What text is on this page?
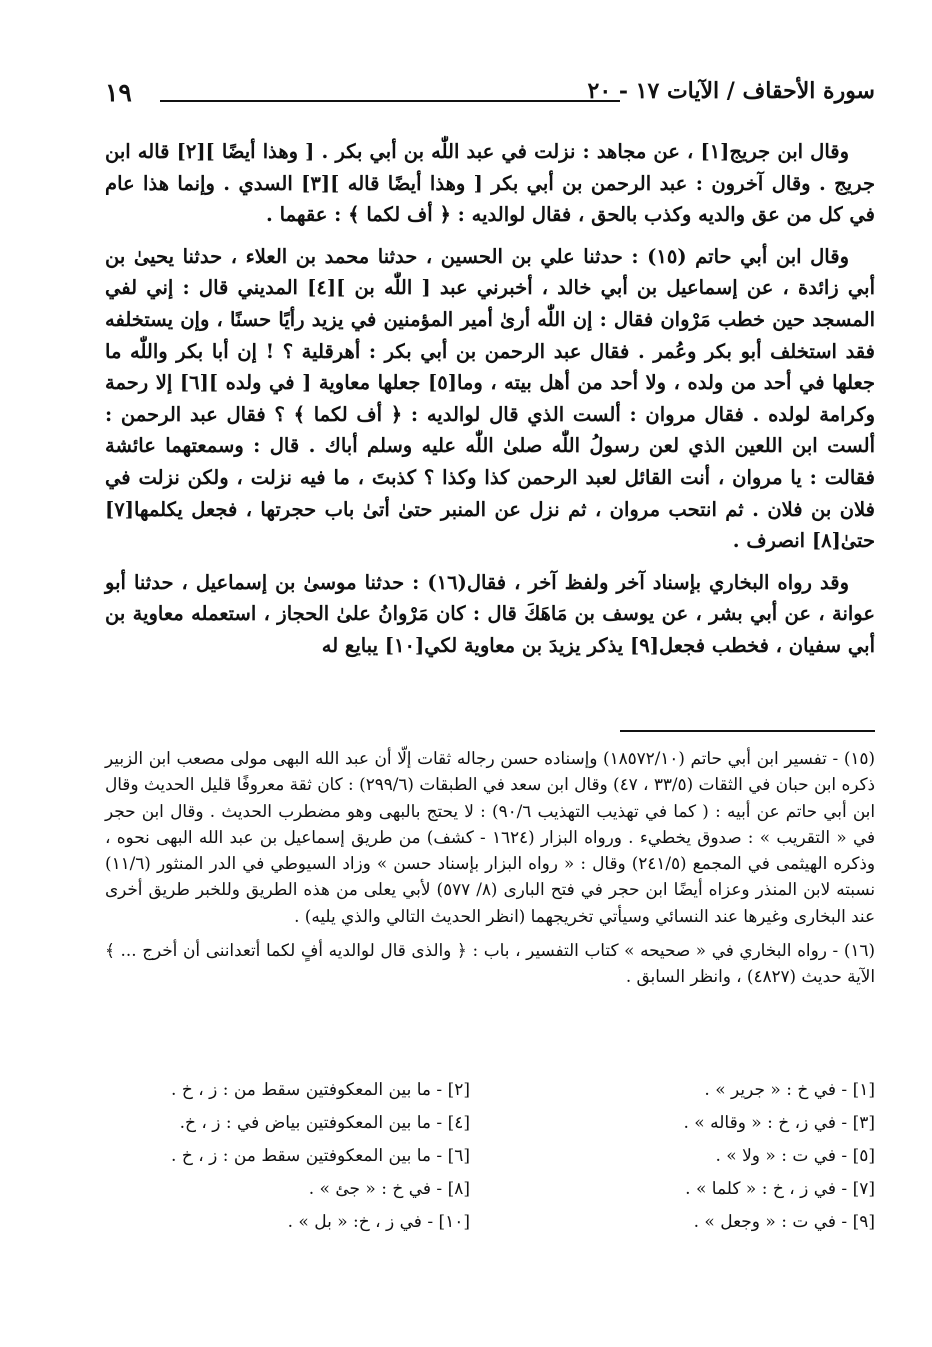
١٩	سورة الأحقاف / الآيات ١٧ - ٢٠

وقال ابن جريج[١] ، عن مجاهد : نزلت في عبد اللّٰه بن أبي بكر . [ وهذا أيضًا ][٢] قاله ابن جريج . وقال آخرون : عبد الرحمن بن أبي بكر [ وهذا أيضًا قاله ][٣] السدي . وإنما هذا عام في كل من عق والديه وكذب بالحق ، فقال لوالديه : ﴿ أف لكما ﴾ : عقهما .

وقال ابن أبي حاتم (١٥) : حدثنا علي بن الحسين ، حدثنا محمد بن العلاء ، حدثنا يحيىٰ بن أبي زائدة ، عن إسماعيل بن أبي خالد ، أخبرني عبد [ اللّٰه بن ][٤] المديني قال : إني لفي المسجد حين خطب مَرْوان فقال : إن اللّٰه أرىٰ أمير المؤمنين في يزيد رأيًا حسنًا ، وإن يستخلفه فقد استخلف أبو بكر وعُمر . فقال عبد الرحمن بن أبي بكر : أهرقلية ؟ ! إن أبا بكر واللّٰه ما جعلها في أحد من ولده ، ولا أحد من أهل بيته ، وما[٥] جعلها معاوية [ في ولده ][٦] إلا رحمة وكرامة لولده . فقال مروان : ألست الذي قال لوالديه : ﴿ أف لكما ﴾ ؟ فقال عبد الرحمن : ألست ابن اللعين الذي لعن رسولُ اللّٰه صلىٰ اللّٰه عليه وسلم أباك . قال : وسمعتهما عائشة فقالت : يا مروان ، أنت القائل لعبد الرحمن كذا وكذا ؟ كذبتَ ، ما فيه نزلت ، ولكن نزلت في فلان بن فلان . ثم انتحب مروان ، ثم نزل عن المنبر حتىٰ أتىٰ باب حجرتها ، فجعل يكلمها[٧] حتىٰ[٨] انصرف .

وقد رواه البخاري بإسناد آخر ولفظ آخر ، فقال(١٦) : حدثنا موسىٰ بن إسماعيل ، حدثنا أبو عوانة ، عن أبي بشر ، عن يوسف بن مَاهَكَ قال : كان مَرْوانُ علىٰ الحجاز ، استعمله معاوية بن أبي سفيان ، فخطب فجعل[٩] يذكر يزيدَ بن معاوية لكي[١٠] يبايع له

(١٥) - تفسير ابن أبي حاتم (١٨٥٧٢/١٠) وإسناده حسن رجاله ثقات إلّا أن عبد الله البهى مولى مصعب ابن الزبير ذكره ابن حبان في الثقات (٣٣/٥ ، ٤٧) وقال ابن سعد في الطبقات (٢٩٩/٦) : كان ثقة معروفًا قليل الحديث وقال ابن أبي حاتم عن أبيه : ( كما في تهذيب التهذيب ٩٠/٦) : لا يحتج بالبهى وهو مضطرب الحديث . وقال ابن حجر في « التقريب » : صدوق يخطيء . ورواه البزار (١٦٢٤ - كشف) من طريق إسماعيل بن عبد الله البهى نحوه ، وذكره الهيثمى في المجمع (٢٤١/٥) وقال : « رواه البزار بإسناد حسن » وزاد السيوطي في الدر المنثور (١١/٦) نسبته لابن المنذر وعزاه أيضًا ابن حجر في فتح البارى (٨/ ٥٧٧) لأبي يعلى من هذه الطريق وللخبر طريق أخرى عند البخارى وغيرها عند النسائي وسيأتي تخريجهما (انظر الحديث التالي والذي يليه) .

(١٦) - رواه البخاري في « صحيحه » كتاب التفسير ، باب : ﴿ والذى قال لوالديه أفٍ لكما أتعداننى أن أخرج ... ﴾ الآية حديث (٤٨٢٧) ، وانظر السابق .

[١] - في خ : « جرير » .
[٢] - ما بين المعكوفتين سقط من : ز ، خ .
[٣] - في ز، خ : « وقاله » .
[٤] - ما بين المعكوفتين بياض في : ز ، خ.
[٥] - في ت : « ولا » .
[٦] - ما بين المعكوفتين سقط من : ز ، خ .
[٧] - في ز ، خ : « كلما » .
[٨] - في خ : « جئ » .
[٩] - في ت : « وجعل » .
[١٠] - في ز ، خ: « بل » .
